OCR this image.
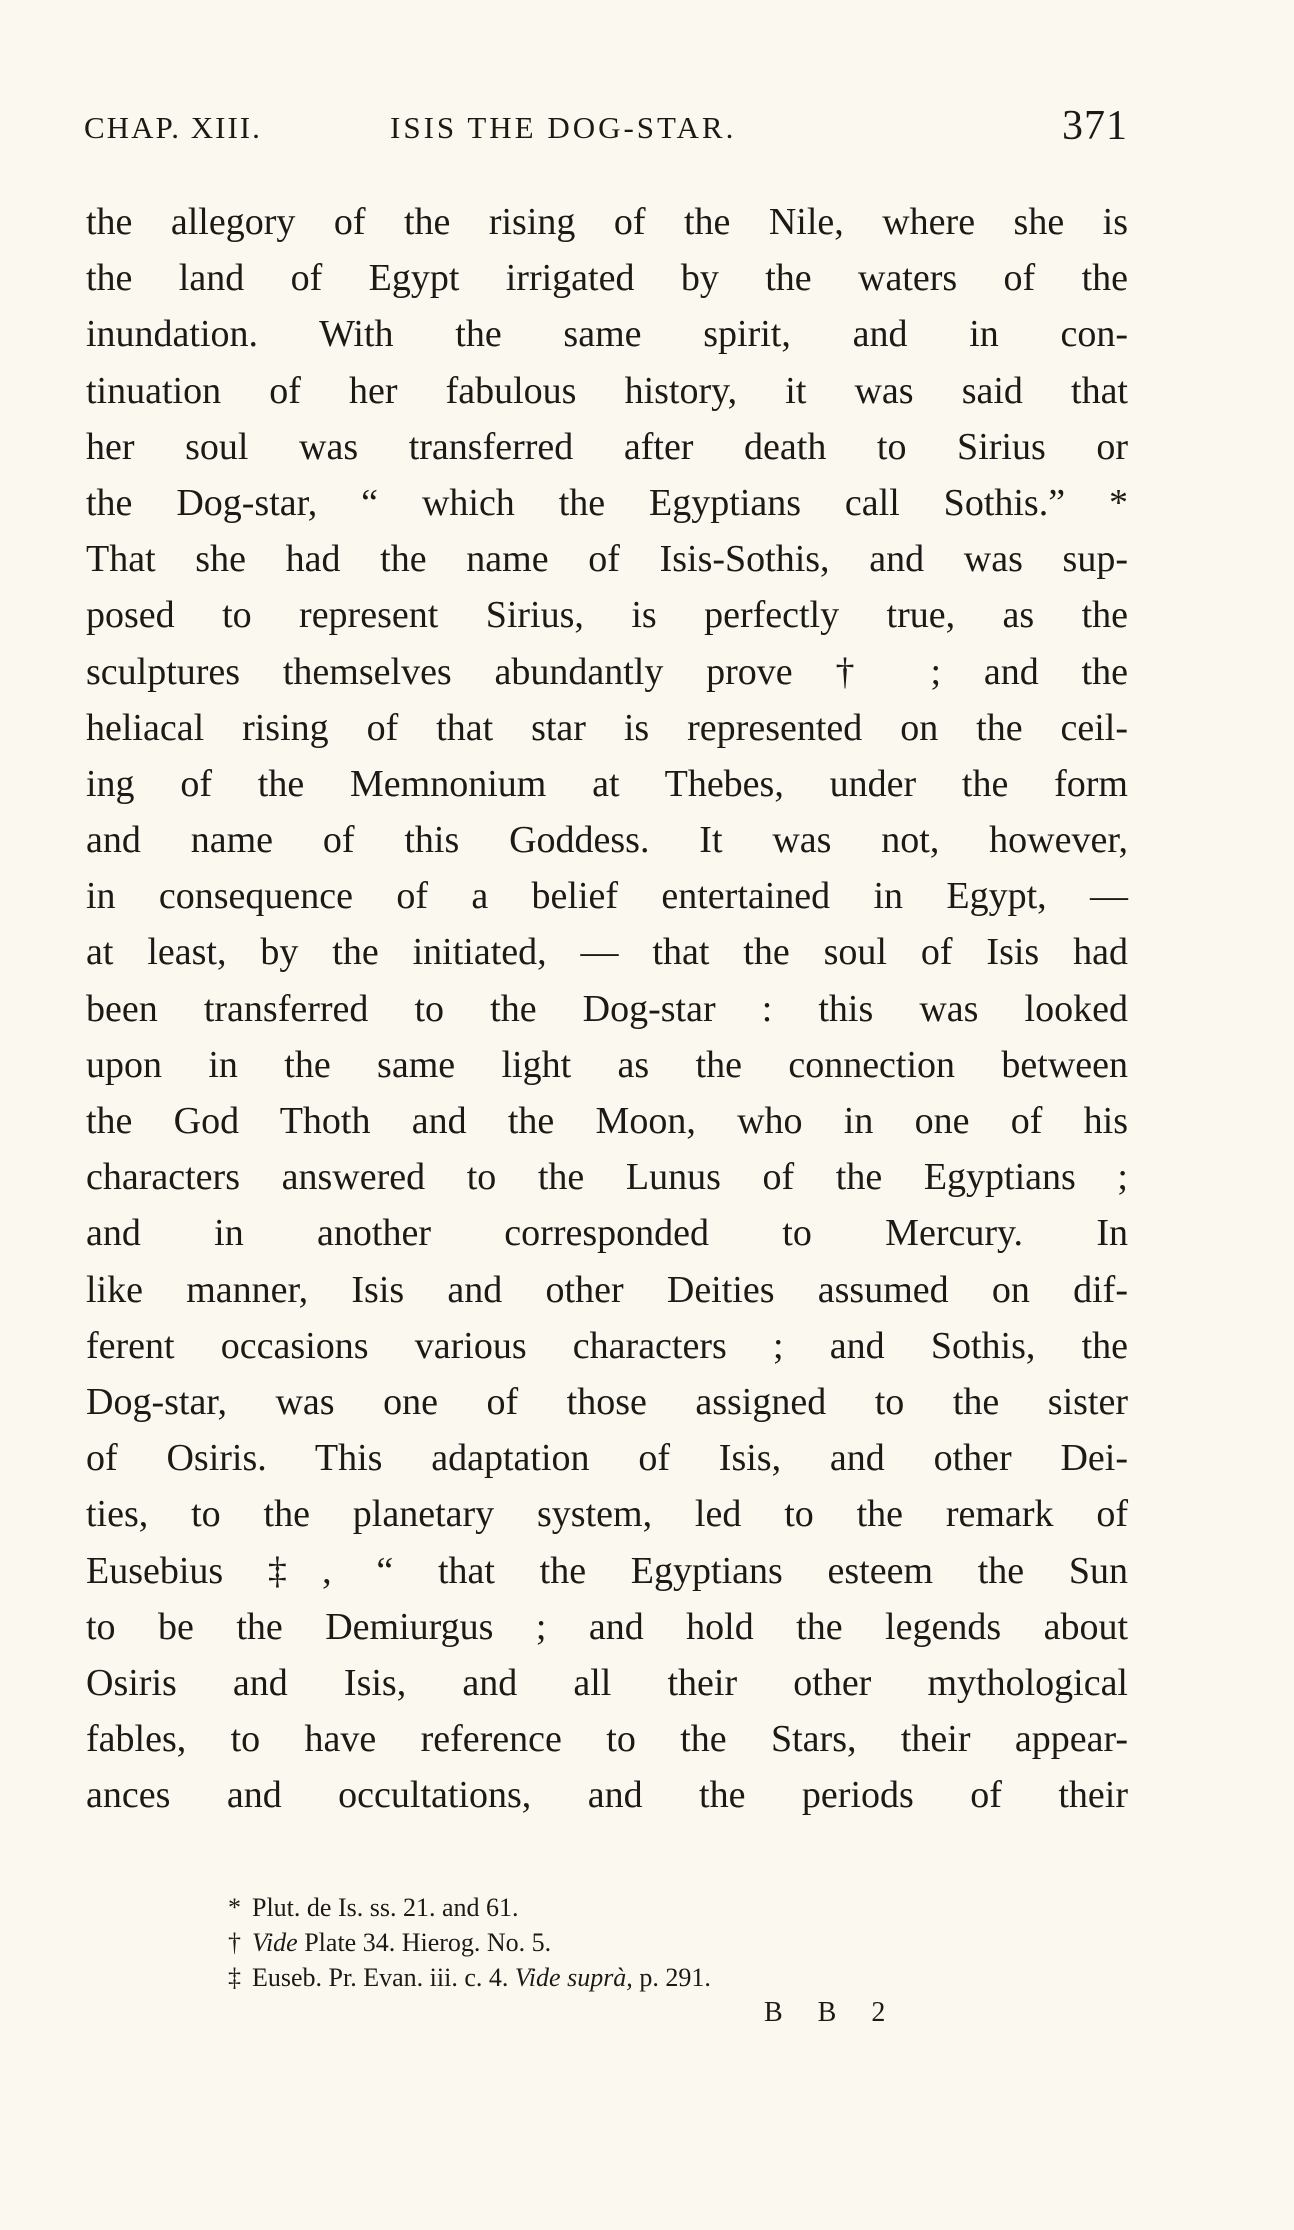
CHAP. XIII.	ISIS THE DOG-STAR.	371
the allegory of the rising of the Nile, where she is
the land of Egypt irrigated by the waters of the
inundation. With the same spirit, and in con-
tinuation of her fabulous history, it was said that
her soul was transferred after death to Sirius or
the Dog-star, “ which the Egyptians call Sothis.” *
That she had the name of Isis-Sothis, and was sup-
posed to represent Sirius, is perfectly true, as the
sculptures themselves abundantly prove † ; and the
heliacal rising of that star is represented on the ceil-
ing of the Memnonium at Thebes, under the form
and name of this Goddess. It was not, however,
in consequence of a belief entertained in Egypt, —
at least, by the initiated, — that the soul of Isis had
been transferred to the Dog-star : this was looked
upon in the same light as the connection between
the God Thoth and the Moon, who in one of his
characters answered to the Lunus of the Egyptians ;
and in another corresponded to Mercury. In
like manner, Isis and other Deities assumed on dif-
ferent occasions various characters ; and Sothis, the
Dog-star, was one of those assigned to the sister
of Osiris. This adaptation of Isis, and other Dei-
ties, to the planetary system, led to the remark of
Eusebius ‡, “ that the Egyptians esteem the Sun
to be the Demiurgus ; and hold the legends about
Osiris and Isis, and all their other mythological
fables, to have reference to the Stars, their appear-
ances and occultations, and the periods of their
* Plut. de Is. ss. 21. and 61.
† Vide Plate 34. Hierog. No. 5.
‡ Euseb. Pr. Evan. iii. c. 4. Vide suprà, p. 291.
B B 2
